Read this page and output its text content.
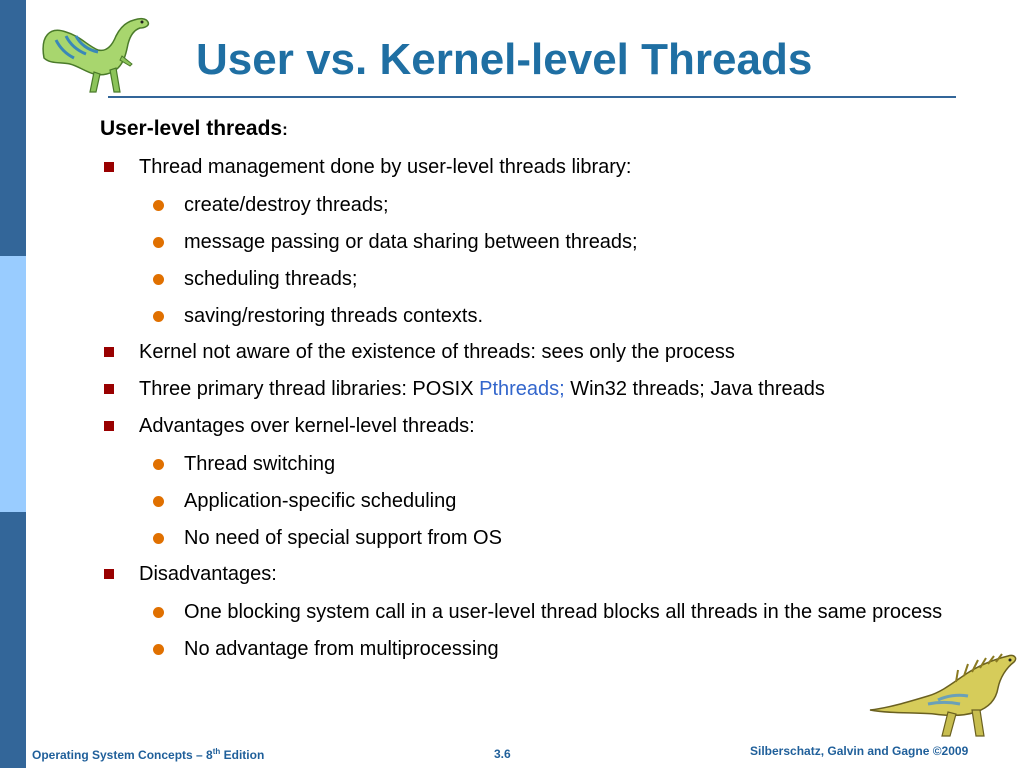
User vs. Kernel-level Threads

User-level threads:

Thread management done by user-level threads library:
create/destroy threads;
message passing or data sharing between threads;
scheduling threads;
saving/restoring threads contexts.
Kernel not aware of the existence of threads: sees only the process
Three primary thread libraries: POSIX Pthreads; Win32 threads; Java threads
Advantages over kernel-level threads:
Thread switching
Application-specific scheduling
No need of special support from OS
Disadvantages:
One blocking system call in a user-level thread blocks all threads in the same process
No advantage from multiprocessing
Operating System Concepts – 8th Edition	3.6	Silberschatz, Galvin and Gagne ©2009
